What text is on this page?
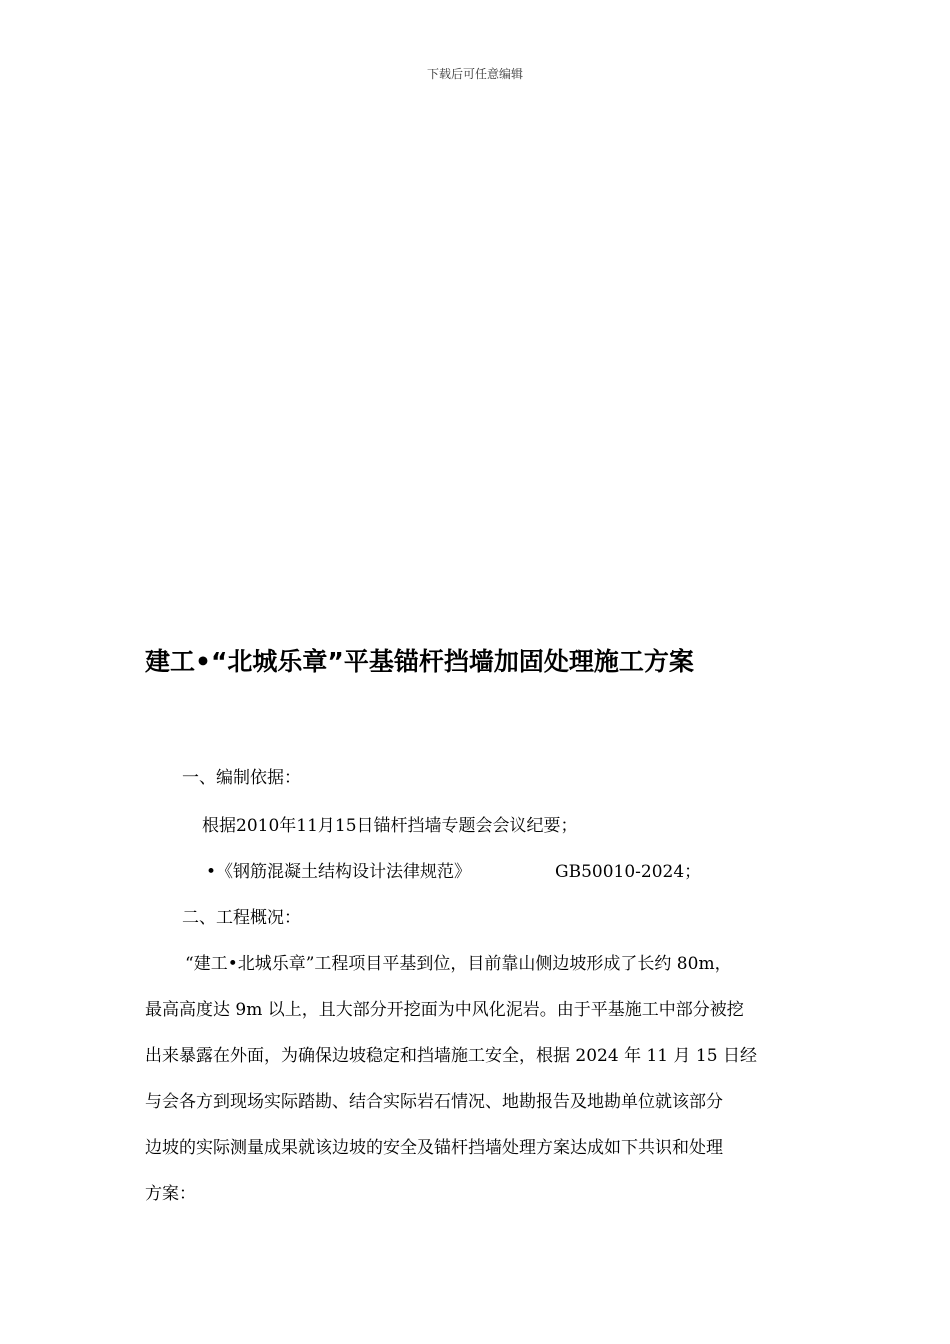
下载后可任意编辑
建工•“北城乐章”平基锚杆挡墙加固处理施工方案
一、编制依据：
根据2010年11月15日锚杆挡墙专题会会议纪要；
•《钢筋混凝土结构设计法律规范》	GB50010-2024；
二、工程概况：
“建工•北城乐章”工程项目平基到位，目前靠山侧边坡形成了长约 80m，
最高高度达 9m 以上，且大部分开挖面为中风化泥岩。由于平基施工中部分被挖
出来暴露在外面，为确保边坡稳定和挡墙施工安全，根据 2024 年 11 月 15 日经
与会各方到现场实际踏勘、结合实际岩石情况、地勘报告及地勘单位就该部分
边坡的实际测量成果就该边坡的安全及锚杆挡墙处理方案达成如下共识和处理
方案：
